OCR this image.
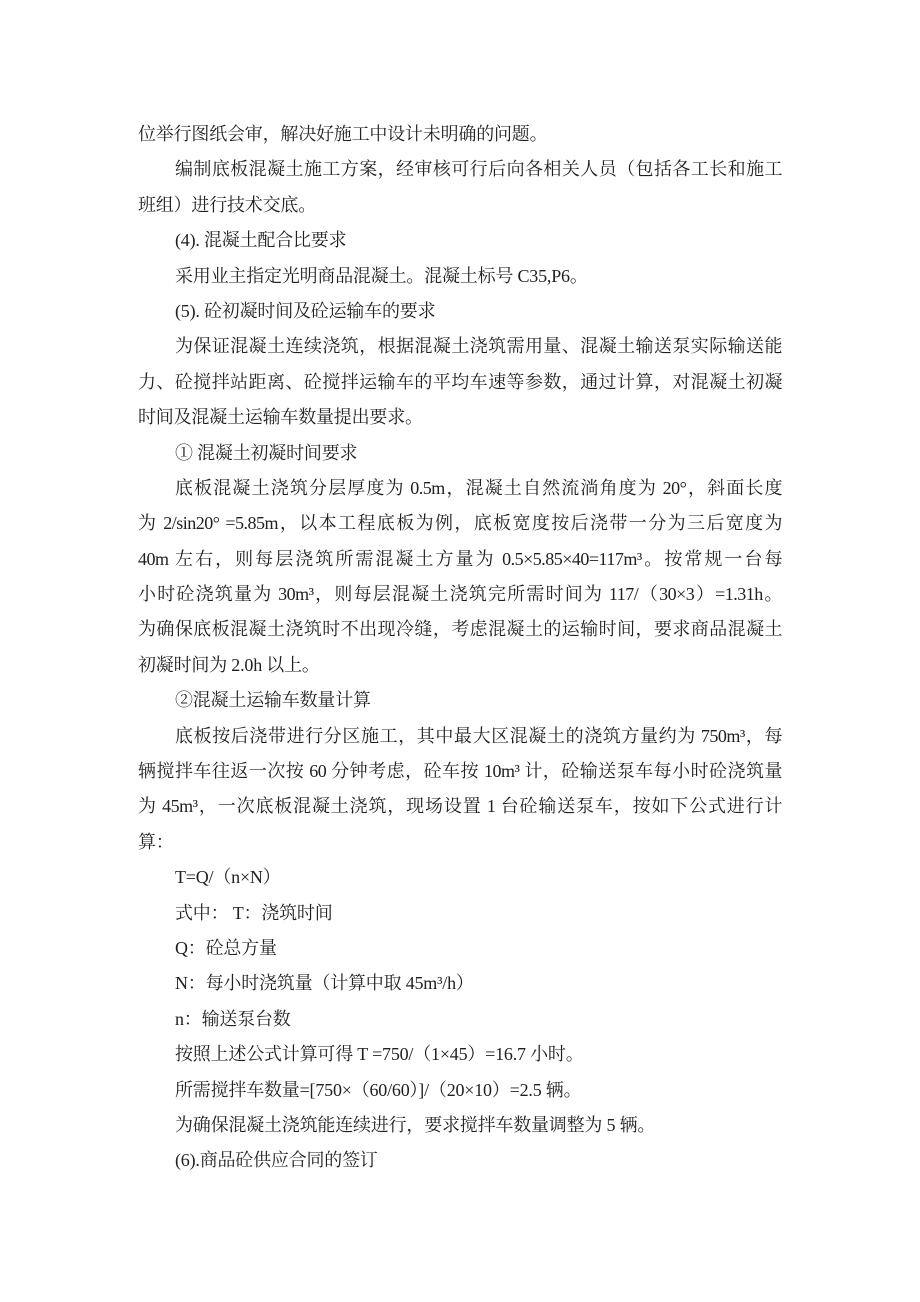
位举行图纸会审，解决好施工中设计未明确的问题。
编制底板混凝土施工方案，经审核可行后向各相关人员（包括各工长和施工
班组）进行技术交底。
(4). 混凝土配合比要求
采用业主指定光明商品混凝土。混凝土标号 C35,P6。
(5). 砼初凝时间及砼运输车的要求
为保证混凝土连续浇筑，根据混凝土浇筑需用量、混凝土输送泵实际输送能
力、砼搅拌站距离、砼搅拌运输车的平均车速等参数，通过计算，对混凝土初凝
时间及混凝土运输车数量提出要求。
① 混凝土初凝时间要求
底板混凝土浇筑分层厚度为 0.5m，混凝土自然流淌角度为 20°，斜面长度
为 2/sin20° =5.85m，以本工程底板为例，底板宽度按后浇带一分为三后宽度为
40m 左右，则每层浇筑所需混凝土方量为 0.5×5.85×40=117m³。按常规一台每
小时砼浇筑量为 30m³，则每层混凝土浇筑完所需时间为 117/（30×3）=1.31h。
为确保底板混凝土浇筑时不出现冷缝，考虑混凝土的运输时间，要求商品混凝土
初凝时间为 2.0h 以上。
②混凝土运输车数量计算
底板按后浇带进行分区施工，其中最大区混凝土的浇筑方量约为 750m³，每
辆搅拌车往返一次按 60 分钟考虑，砼车按 10m³ 计，砼输送泵车每小时砼浇筑量
为 45m³，一次底板混凝土浇筑，现场设置 1 台砼输送泵车，按如下公式进行计
算：
T=Q/（n×N）
式中： T：浇筑时间
Q：砼总方量
N：每小时浇筑量（计算中取 45m³/h）
n：输送泵台数
按照上述公式计算可得 T =750/（1×45）=16.7 小时。
所需搅拌车数量=[750×（60/60）]/（20×10）=2.5 辆。
为确保混凝土浇筑能连续进行，要求搅拌车数量调整为 5 辆。
(6).商品砼供应合同的签订
